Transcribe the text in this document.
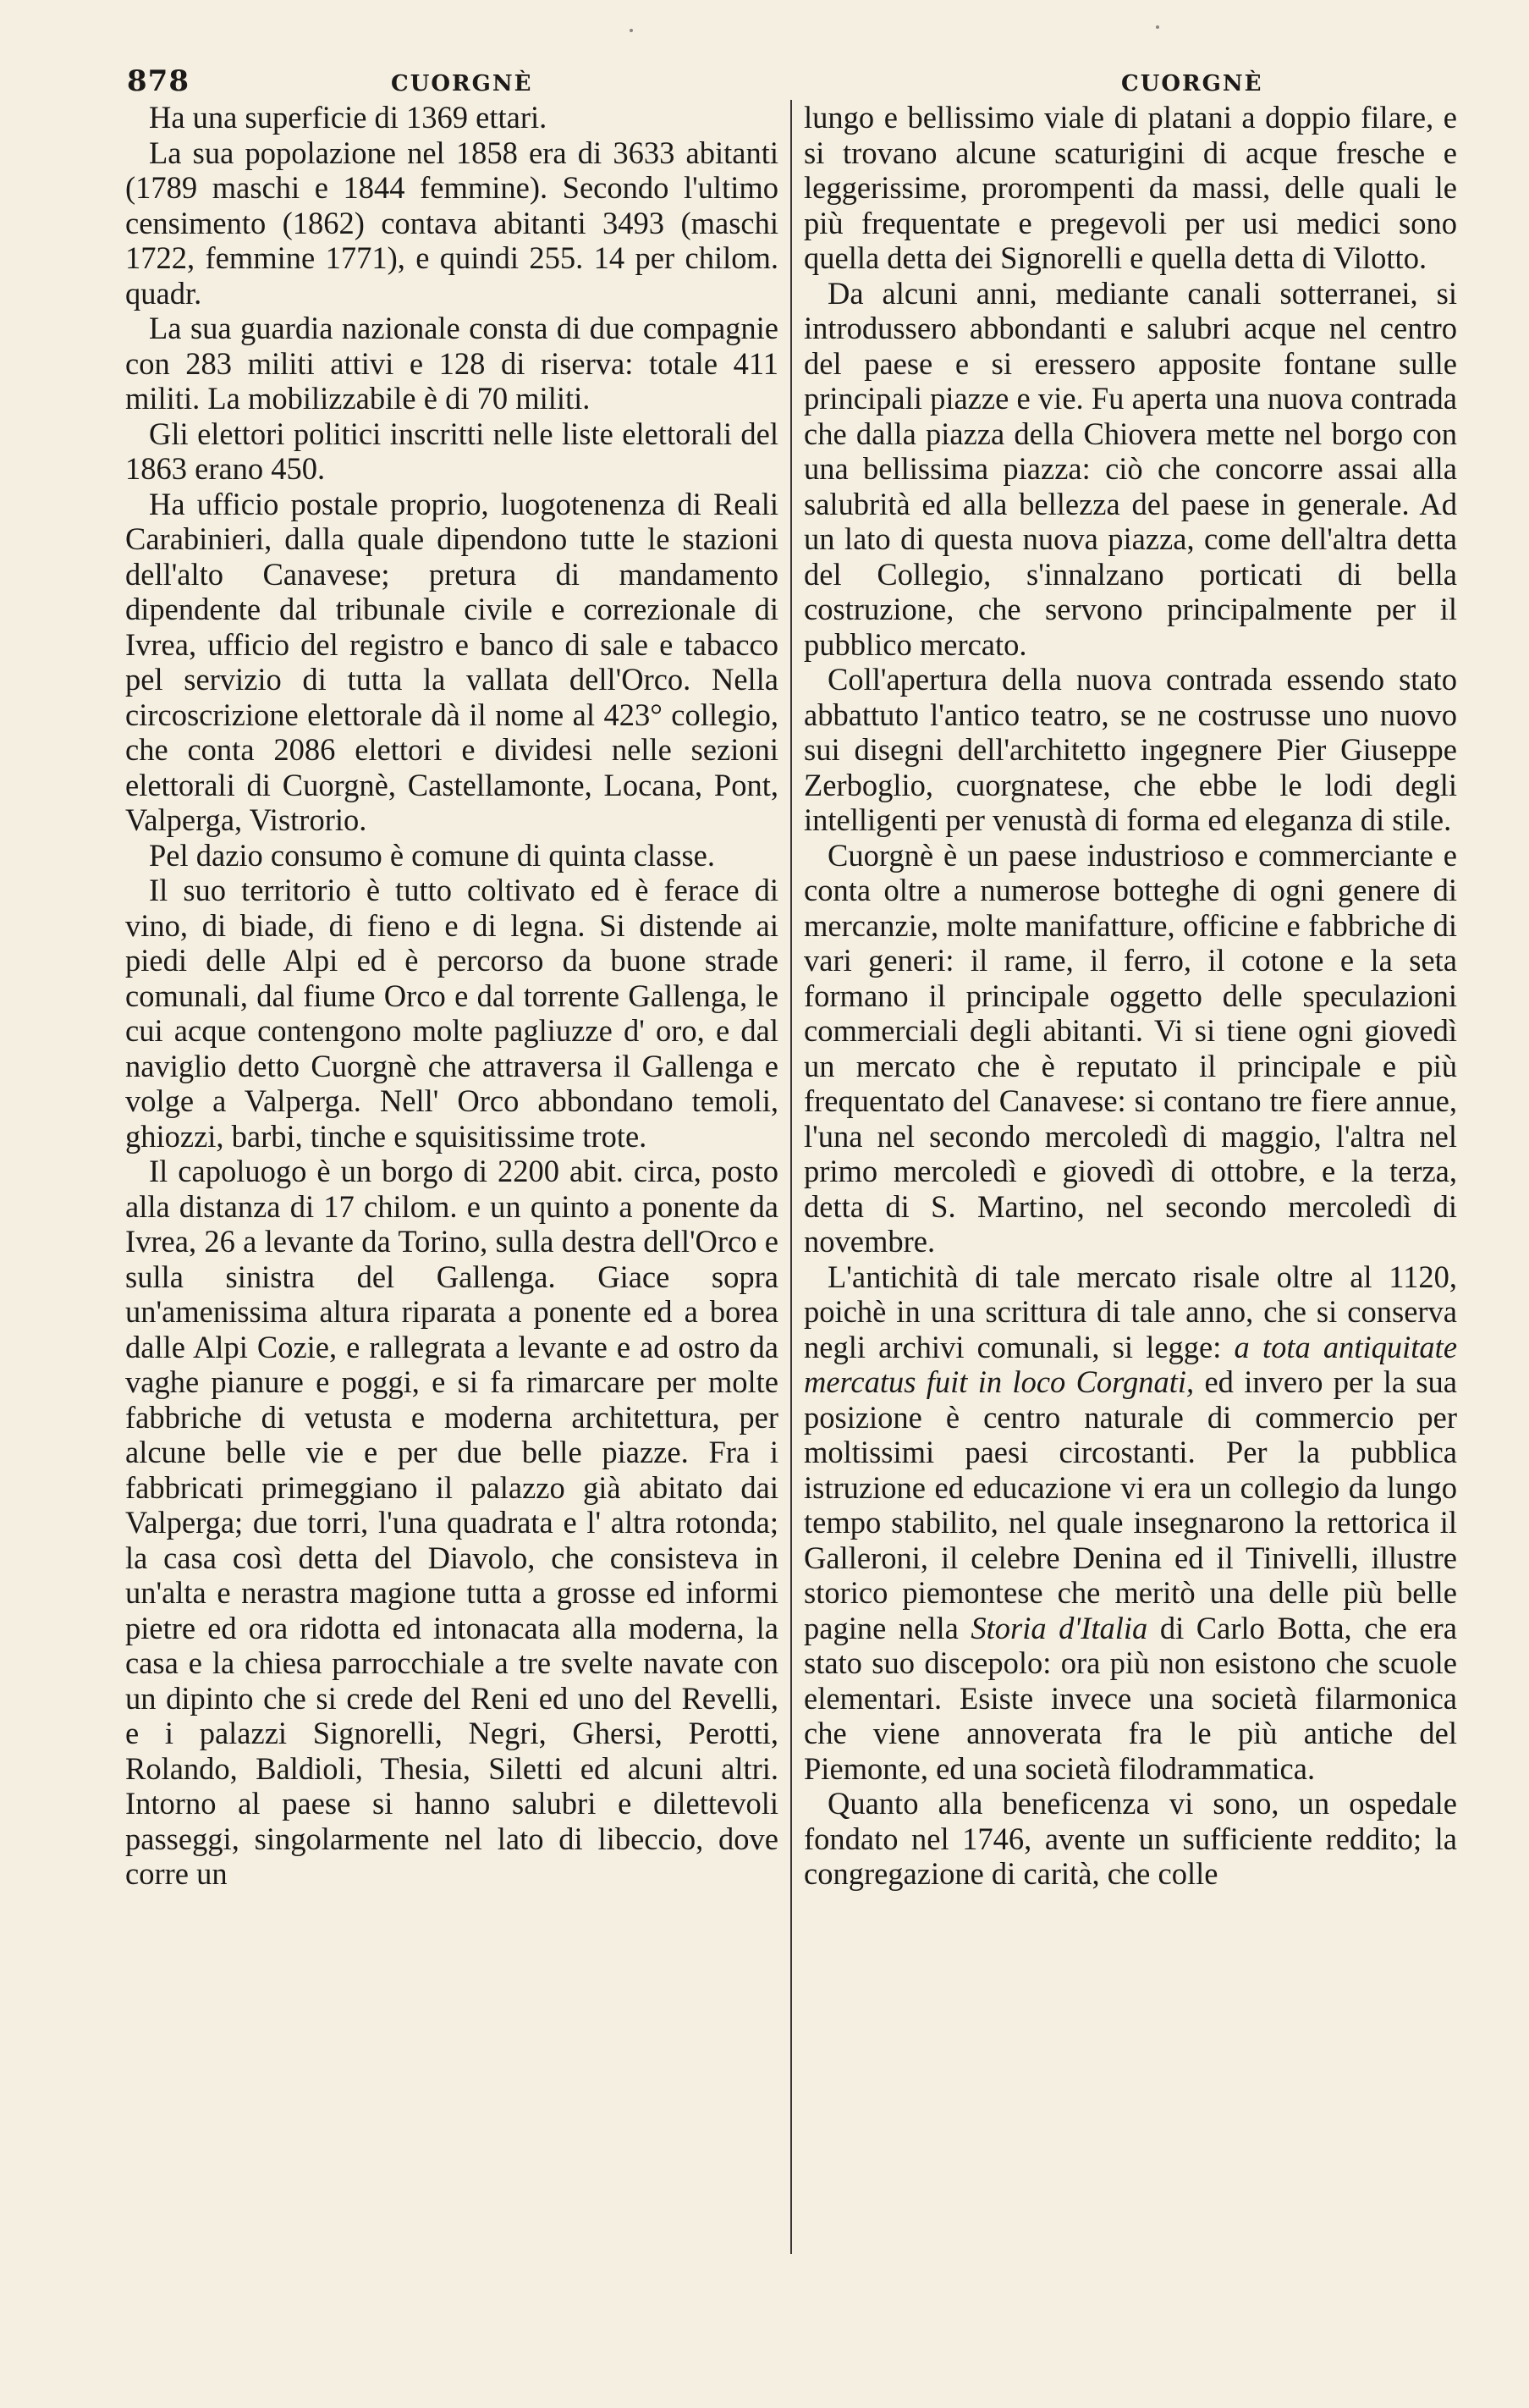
878	CUORGNÈ	CUORGNÈ

Ha una superficie di 1369 ettari.

La sua popolazione nel 1858 era di 3633 abitanti (1789 maschi e 1844 femmine). Secondo l'ultimo censimento (1862) contava abitanti 3493 (maschi 1722, femmine 1771), e quindi 255. 14 per chilom. quadr.

La sua guardia nazionale consta di due compagnie con 283 militi attivi e 128 di riserva: totale 411 militi. La mobilizzabile è di 70 militi.

Gli elettori politici inscritti nelle liste elettorali del 1863 erano 450.

Ha ufficio postale proprio, luogotenenza di Reali Carabinieri, dalla quale dipendono tutte le stazioni dell'alto Canavese; pretura di mandamento dipendente dal tribunale civile e correzionale di Ivrea, ufficio del registro e banco di sale e tabacco pel servizio di tutta la vallata dell'Orco. Nella circoscrizione elettorale dà il nome al 423° collegio, che conta 2086 elettori e dividesi nelle sezioni elettorali di Cuorgnè, Castellamonte, Locana, Pont, Valperga, Vistrorio.

Pel dazio consumo è comune di quinta classe.

Il suo territorio è tutto coltivato ed è ferace di vino, di biade, di fieno e di legna. Si distende ai piedi delle Alpi ed è percorso da buone strade comunali, dal fiume Orco e dal torrente Gallenga, le cui acque contengono molte pagliuzze d' oro, e dal naviglio detto Cuorgnè che attraversa il Gallenga e volge a Valperga. Nell' Orco abbondano temoli, ghiozzi, barbi, tinche e squisitissime trote.

Il capoluogo è un borgo di 2200 abit. circa, posto alla distanza di 17 chilom. e un quinto a ponente da Ivrea, 26 a levante da Torino, sulla destra dell'Orco e sulla sinistra del Gallenga. Giace sopra un'amenissima altura riparata a ponente ed a borea dalle Alpi Cozie, e rallegrata a levante e ad ostro da vaghe pianure e poggi, e si fa rimarcare per molte fabbriche di vetusta e moderna architettura, per alcune belle vie e per due belle piazze. Fra i fabbricati primeggiano il palazzo già abitato dai Valperga; due torri, l'una quadrata e l' altra rotonda; la casa così detta del Diavolo, che consisteva in un'alta e nerastra magione tutta a grosse ed informi pietre ed ora ridotta ed intonacata alla moderna, la casa e la chiesa parrocchiale a tre svelte navate con un dipinto che si crede del Reni ed uno del Revelli, e i palazzi Signorelli, Negri, Ghersi, Perotti, Rolando, Baldioli, Thesia, Siletti ed alcuni altri. Intorno al paese si hanno salubri e dilettevoli passeggi, singolarmente nel lato di libeccio, dove corre un

lungo e bellissimo viale di platani a doppio filare, e si trovano alcune scaturigini di acque fresche e leggerissime, prorompenti da massi, delle quali le più frequentate e pregevoli per usi medici sono quella detta dei Signorelli e quella detta di Vilotto.

Da alcuni anni, mediante canali sotterranei, si introdussero abbondanti e salubri acque nel centro del paese e si eressero apposite fontane sulle principali piazze e vie. Fu aperta una nuova contrada che dalla piazza della Chiovera mette nel borgo con una bellissima piazza: ciò che concorre assai alla salubrità ed alla bellezza del paese in generale. Ad un lato di questa nuova piazza, come dell'altra detta del Collegio, s'innalzano porticati di bella costruzione, che servono principalmente per il pubblico mercato.

Coll'apertura della nuova contrada essendo stato abbattuto l'antico teatro, se ne costrusse uno nuovo sui disegni dell'architetto ingegnere Pier Giuseppe Zerboglio, cuorgnatese, che ebbe le lodi degli intelligenti per venustà di forma ed eleganza di stile.

Cuorgnè è un paese industrioso e commerciante e conta oltre a numerose botteghe di ogni genere di mercanzie, molte manifatture, officine e fabbriche di vari generi: il rame, il ferro, il cotone e la seta formano il principale oggetto delle speculazioni commerciali degli abitanti. Vi si tiene ogni giovedì un mercato che è reputato il principale e più frequentato del Canavese: si contano tre fiere annue, l'una nel secondo mercoledì di maggio, l'altra nel primo mercoledì e giovedì di ottobre, e la terza, detta di S. Martino, nel secondo mercoledì di novembre.

L'antichità di tale mercato risale oltre al 1120, poichè in una scrittura di tale anno, che si conserva negli archivi comunali, si legge: a tota antiquitate mercatus fuit in loco Corgnati, ed invero per la sua posizione è centro naturale di commercio per moltissimi paesi circostanti. Per la pubblica istruzione ed educazione vi era un collegio da lungo tempo stabilito, nel quale insegnarono la rettorica il Galleroni, il celebre Denina ed il Tinivelli, illustre storico piemontese che meritò una delle più belle pagine nella Storia d'Italia di Carlo Botta, che era stato suo discepolo: ora più non esistono che scuole elementari. Esiste invece una società filarmonica che viene annoverata fra le più antiche del Piemonte, ed una società filodrammatica.

Quanto alla beneficenza vi sono, un ospedale fondato nel 1746, avente un sufficiente reddito; la congregazione di carità, che colle
